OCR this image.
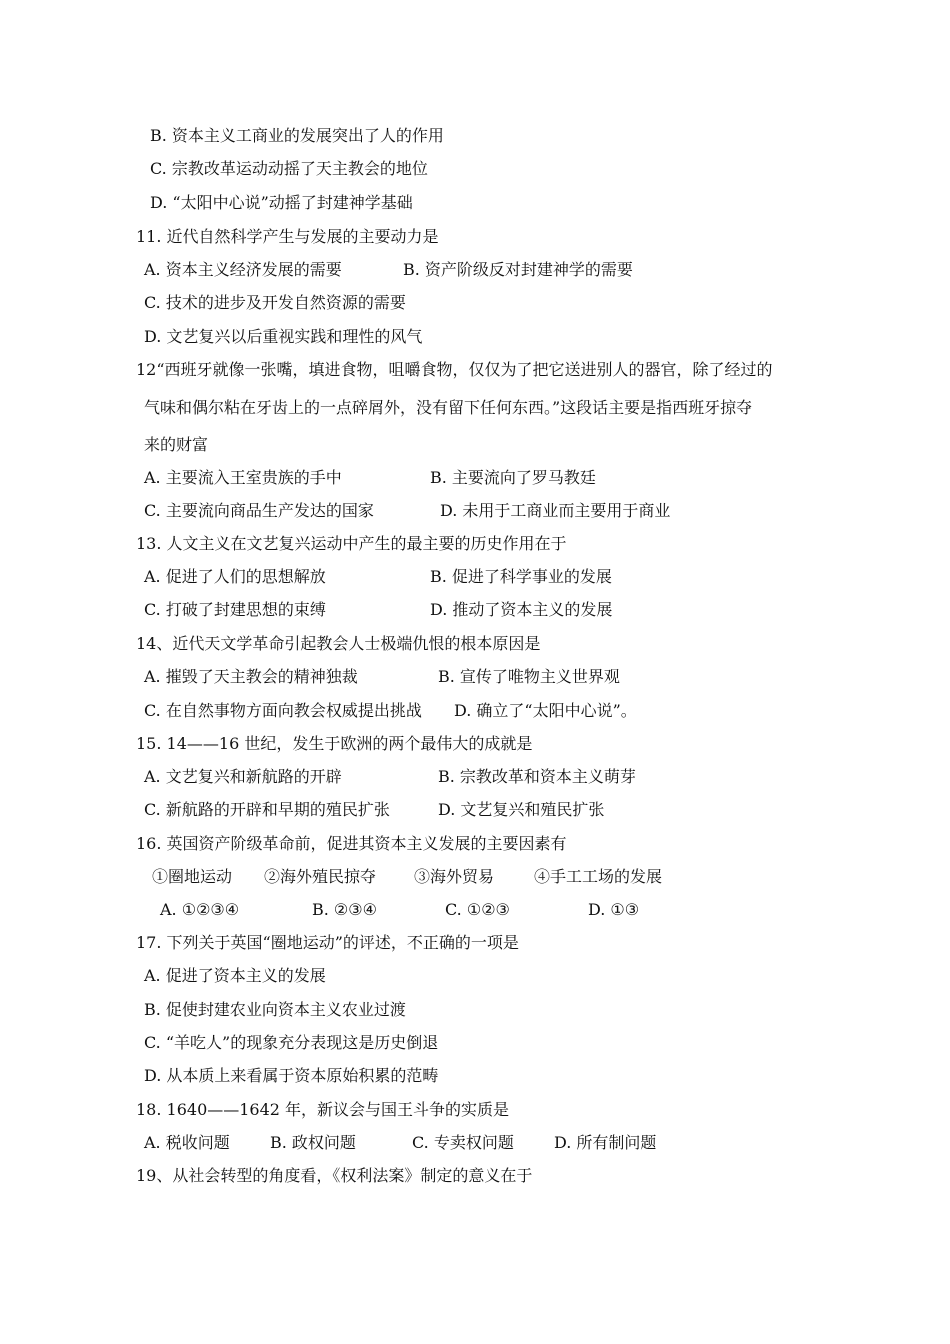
B. 资本主义工商业的发展突出了人的作用
C. 宗教改革运动动摇了天主教会的地位
D. “太阳中心说”动摇了封建神学基础
11. 近代自然科学产生与发展的主要动力是
A. 资本主义经济发展的需要	B. 资产阶级反对封建神学的需要
C. 技术的进步及开发自然资源的需要
D. 文艺复兴以后重视实践和理性的风气
12“西班牙就像一张嘴，填进食物，咀嚼食物，仅仅为了把它送进别人的器官，除了经过的
气味和偶尔粘在牙齿上的一点碎屑外，没有留下任何东西。”这段话主要是指西班牙掠夺
来的财富
A. 主要流入王室贵族的手中	B. 主要流向了罗马教廷
C. 主要流向商品生产发达的国家	D. 未用于工商业而主要用于商业
13. 人文主义在文艺复兴运动中产生的最主要的历史作用在于
A. 促进了人们的思想解放	B. 促进了科学事业的发展
C. 打破了封建思想的束缚	D. 推动了资本主义的发展
14、近代天文学革命引起教会人士极端仇恨的根本原因是
A. 摧毁了天主教会的精神独裁	B. 宣传了唯物主义世界观
C. 在自然事物方面向教会权威提出挑战 D. 确立了“太阳中心说”。
15. 14——16 世纪，发生于欧洲的两个最伟大的成就是
A. 文艺复兴和新航路的开辟	B. 宗教改革和资本主义萌芽
C. 新航路的开辟和早期的殖民扩张	D. 文艺复兴和殖民扩张
16. 英国资产阶级革命前，促进其资本主义发展的主要因素有
①圈地运动 ②海外殖民掠夺 ③海外贸易 ④手工工场的发展
A. ①②③④	B. ②③④	C. ①②③	D. ①③
17. 下列关于英国“圈地运动”的评述，不正确的一项是
A. 促进了资本主义的发展
B. 促使封建农业向资本主义农业过渡
C. “羊吃人”的现象充分表现这是历史倒退
D. 从本质上来看属于资本原始积累的范畴
18. 1640——1642 年，新议会与国王斗争的实质是
A. 税收问题	B. 政权问题	C. 专卖权问题	D. 所有制问题
19、从社会转型的角度看，《权利法案》制定的意义在于
